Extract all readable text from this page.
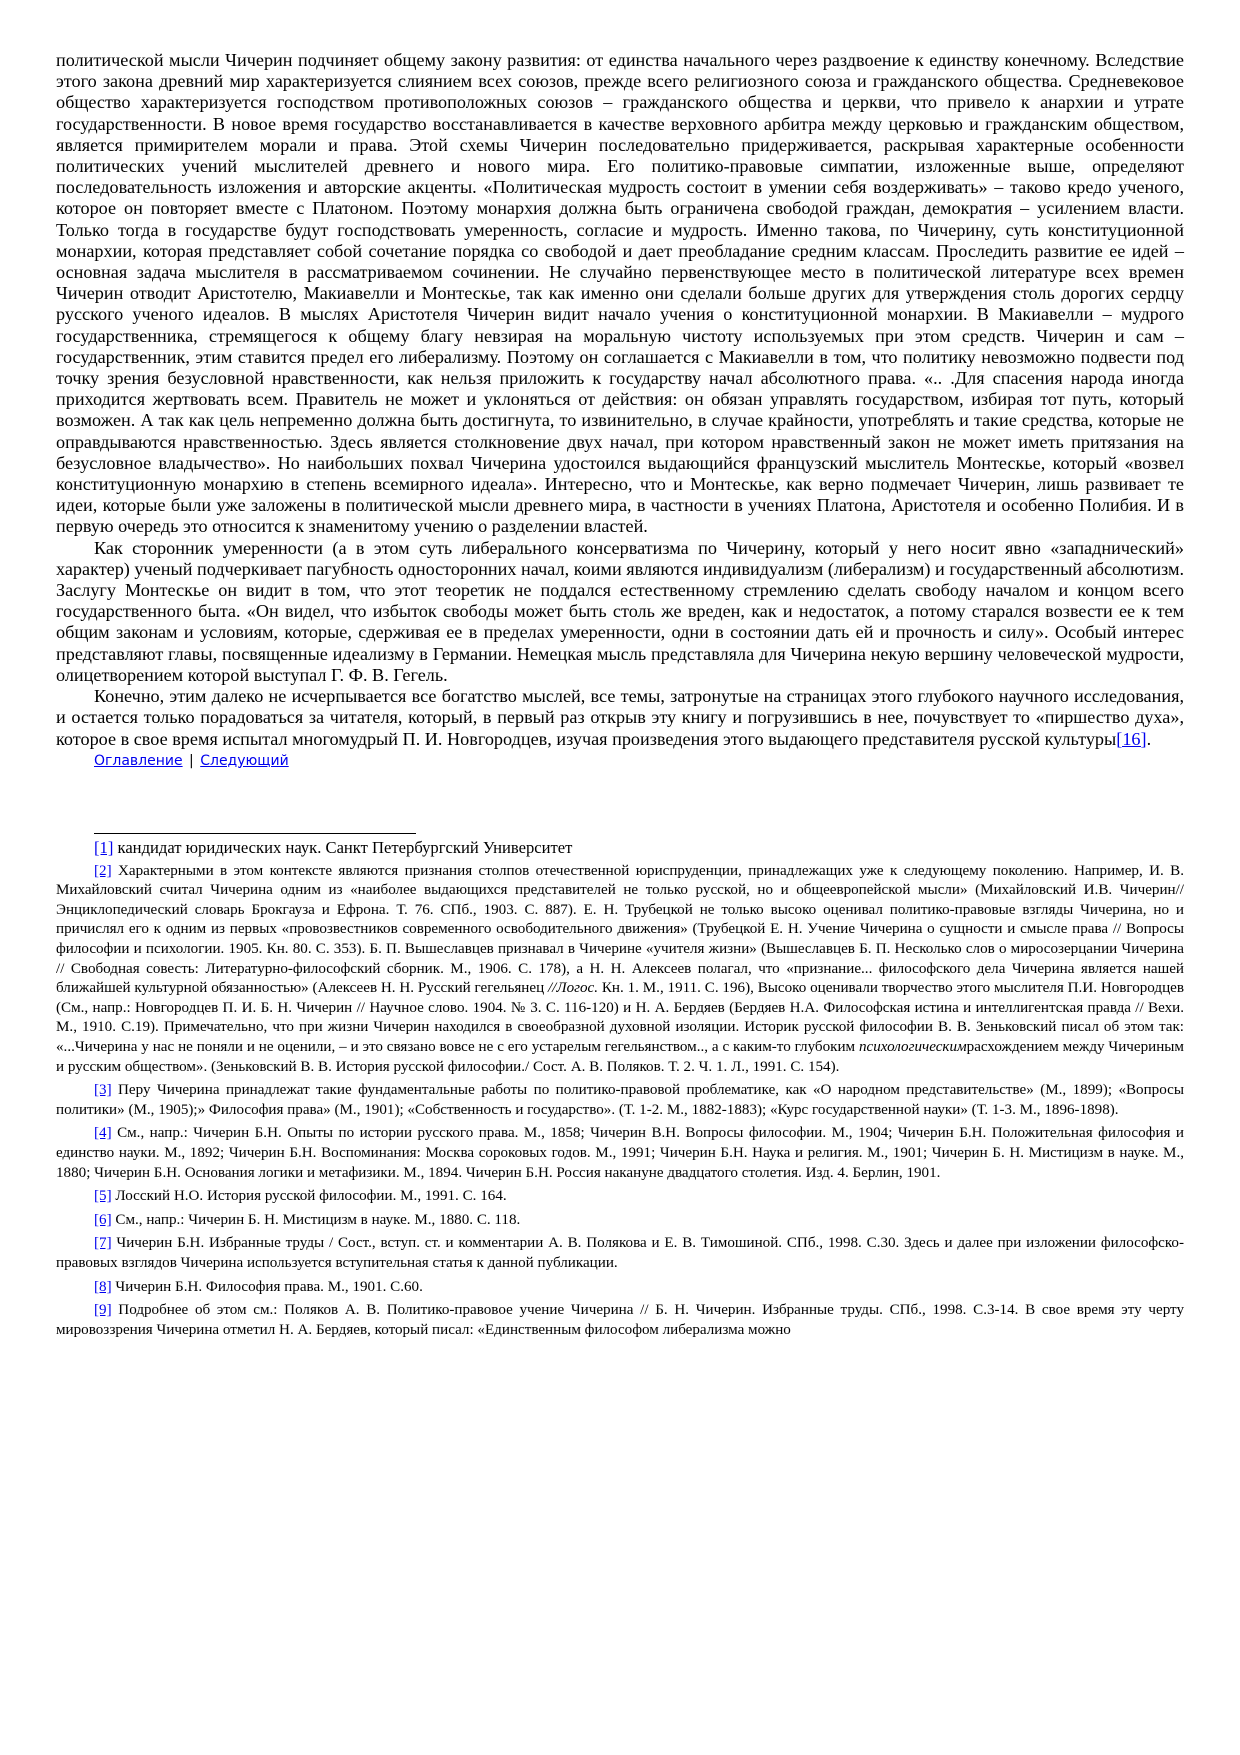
политической мысли Чичерин подчиняет общему закону развития: от единства начального через раздвоение к единству конечному. Вследствие этого закона древний мир характеризуется слиянием всех союзов, прежде всего религиозного союза и гражданского общества. Средневековое общество характеризуется господством противоположных союзов – гражданского общества и церкви, что привело к анархии и утрате государственности. В новое время государство восстанавливается в качестве верховного арбитра между церковью и гражданским обществом, является примирителем морали и права. Этой схемы Чичерин последовательно придерживается, раскрывая характерные особенности политических учений мыслителей древнего и нового мира. Его политико-правовые симпатии, изложенные выше, определяют последовательность изложения и авторские акценты. «Политическая мудрость состоит в умении себя воздерживать» – таково кредо ученого, которое он повторяет вместе с Платоном. Поэтому монархия должна быть ограничена свободой граждан, демократия – усилением власти. Только тогда в государстве будут господствовать умеренность, согласие и мудрость. Именно такова, по Чичерину, суть конституционной монархии, которая представляет собой сочетание порядка со свободой и дает преобладание средним классам. Проследить развитие ее идей – основная задача мыслителя в рассматриваемом сочинении. Не случайно первенствующее место в политической литературе всех времен Чичерин отводит Аристотелю, Макиавелли и Монтескье, так как именно они сделали больше других для утверждения столь дорогих сердцу русского ученого идеалов. В мыслях Аристотеля Чичерин видит начало учения о конституционной монархии. В Макиавелли – мудрого государственника, стремящегося к общему благу невзирая на моральную чистоту используемых при этом средств. Чичерин и сам – государственник, этим ставится предел его либерализму. Поэтому он соглашается с Макиавелли в том, что политику невозможно подвести под точку зрения безусловной нравственности, как нельзя приложить к государству начал абсолютного права. «.. .Для спасения народа иногда приходится жертвовать всем. Правитель не может и уклоняться от действия: он обязан управлять государством, избирая тот путь, который возможен. А так как цель непременно должна быть достигнута, то извинительно, в случае крайности, употреблять и такие средства, которые не оправдываются нравственностью. Здесь является столкновение двух начал, при котором нравственный закон не может иметь притязания на безусловное владычество». Но наибольших похвал Чичерина удостоился выдающийся французский мыслитель Монтескье, который «возвел конституционную монархию в степень всемирного идеала». Интересно, что и Монтескье, как верно подмечает Чичерин, лишь развивает те идеи, которые были уже заложены в политической мысли древнего мира, в частности в учениях Платона, Аристотеля и особенно Полибия. И в первую очередь это относится к знаменитому учению о разделении властей.

Как сторонник умеренности (а в этом суть либерального консерватизма по Чичерину, который у него носит явно «западнический» характер) ученый подчеркивает пагубность односторонних начал, коими являются индивидуализм (либерализм) и государственный абсолютизм. Заслугу Монтескье он видит в том, что этот теоретик не поддался естественному стремлению сделать свободу началом и концом всего государственного быта. «Он видел, что избыток свободы может быть столь же вреден, как и недостаток, а потому старался возвести ее к тем общим законам и условиям, которые, сдерживая ее в пределах умеренности, одни в состоянии дать ей и прочность и силу». Особый интерес представляют главы, посвященные идеализму в Германии. Немецкая мысль представляла для Чичерина некую вершину человеческой мудрости, олицетворением которой выступал Г. Ф. В. Гегель.

Конечно, этим далеко не исчерпывается все богатство мыслей, все темы, затронутые на страницах этого глубокого научного исследования, и остается только порадоваться за читателя, который, в первый раз открыв эту книгу и погрузившись в нее, почувствует то «пиршество духа», которое в свое время испытал многомудрый П. И. Новгородцев, изучая произведения этого выдающего представителя русской культуры[16].

Оглавление | Следующий

[1] кандидат юридических наук. Санкт Петербургский Университет

[2] Характерными в этом контексте являются признания столпов отечественной юриспруденции, принадлежащих уже к следующему поколению. Например, И. В. Михайловский считал Чичерина одним из «наиболее выдающихся представителей не только русской, но и общеевропейской мысли» (Михайловский И.В. Чичерин// Энциклопедический словарь Брокгауза и Ефрона. Т. 76. СПб., 1903. С. 887). Е. Н. Трубецкой не только высоко оценивал политико-правовые взгляды Чичерина, но и причислял его к одним из первых «провозвестников современного освободительного движения» (Трубецкой Е. Н. Учение Чичерина о сущности и смысле права // Вопросы философии и психологии. 1905. Кн. 80. С. 353). Б. П. Вышеславцев признавал в Чичерине «учителя жизни» (Вышеславцев Б. П. Несколько слов о миросозерцании Чичерина // Свободная совесть: Литературно-философский сборник. М., 1906. С. 178), а Н. Н. Алексеев полагал, что «признание... философского дела Чичерина является нашей ближайшей культурной обязанностью» (Алексеев Н. Н. Русский гегельянец //Логос. Кн. 1. М., 1911. С. 196), Высоко оценивали творчество этого мыслителя П.И. Новгородцев (См., напр.: Новгородцев П. И. Б. Н. Чичерин // Научное слово. 1904. № 3. С. 116-120) и Н. А. Бердяев (Бердяев Н.А. Философская истина и интеллигентская правда // Вехи. М., 1910. С.19). Примечательно, что при жизни Чичерин находился в своеобразной духовной изоляции. Историк русской философии В. В. Зеньковский писал об этом так: «...Чичерина у нас не поняли и не оценили, – и это связано вовсе не с его устарелым гегельянством.., а с каким-то глубоким психологическимрасхождением между Чичериным и русским обществом». (Зеньковский В. В. История русской философии./ Сост. А. В. Поляков. Т. 2. Ч. 1. Л., 1991. С. 154).

[3] Перу Чичерина принадлежат такие фундаментальные работы по политико-правовой проблематике, как «О народном представительстве» (М., 1899); «Вопросы политики» (М., 1905);» Философия права» (М., 1901); «Собственность и государство». (Т. 1-2. М., 1882-1883); «Курс государственной науки» (Т. 1-3. М., 1896-1898).

[4] См., напр.: Чичерин Б.Н. Опыты по истории русского права. М., 1858; Чичерин В.Н. Вопросы философии. М., 1904; Чичерин Б.Н. Положительная философия и единство науки. М., 1892; Чичерин Б.Н. Воспоминания: Москва сороковых годов. М., 1991; Чичерин Б.Н. Наука и религия. М., 1901; Чичерин Б. Н. Мистицизм в науке. М., 1880; Чичерин Б.Н. Основания логики и метафизики. М., 1894. Чичерин Б.Н. Россия накануне двадцатого столетия. Изд. 4. Берлин, 1901.

[5] Лосский Н.О. История русской философии. М., 1991. С. 164.

[6] См., напр.: Чичерин Б. Н. Мистицизм в науке. М., 1880. С. 118.

[7] Чичерин Б.Н. Избранные труды / Сост., вступ. ст. и комментарии А. В. Полякова и Е. В. Тимошиной. СПб., 1998. С.30. Здесь и далее при изложении философско-правовых взглядов Чичерина используется вступительная статья к данной публикации.

[8] Чичерин Б.Н. Философия права. М., 1901. С.60.

[9] Подробнее об этом см.: Поляков А. В. Политико-правовое учение Чичерина // Б. Н. Чичерин. Избранные труды. СПб., 1998. С.3-14. В свое время эту черту мировоззрения Чичерина отметил Н. А. Бердяев, который писал: «Единственным философом либерализма можно
